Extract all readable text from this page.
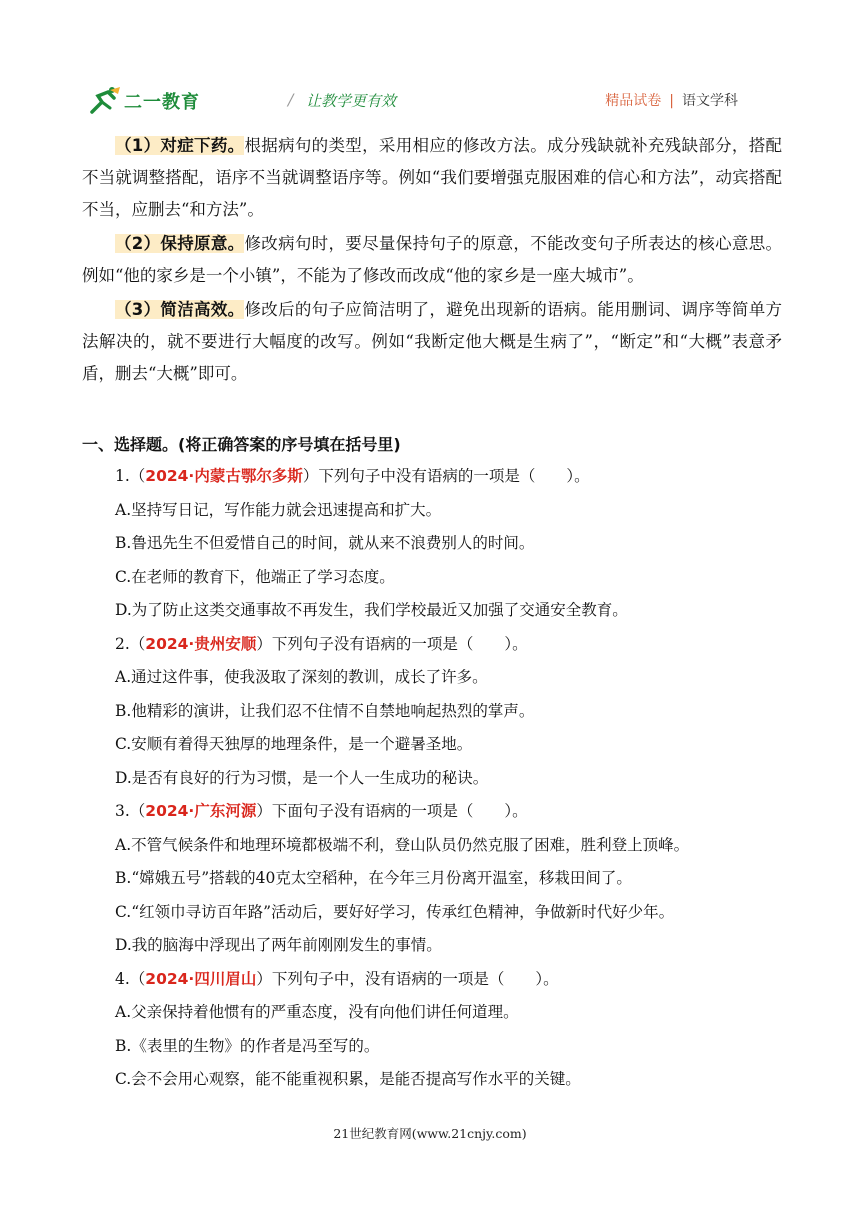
二一教育	/ 让教学更有效	精品试卷 | 语文学科

（1）对症下药。根据病句的类型，采用相应的修改方法。成分残缺就补充残缺部分，搭配不当就调整搭配，语序不当就调整语序等。例如“我们要增强克服困难的信心和方法”，动宾搭配不当，应删去“和方法”。

（2）保持原意。修改病句时，要尽量保持句子的原意，不能改变句子所表达的核心意思。例如“他的家乡是一个小镇”，不能为了修改而改成“他的家乡是一座大城市”。

（3）简洁高效。修改后的句子应简洁明了，避免出现新的语病。能用删词、调序等简单方法解决的，就不要进行大幅度的改写。例如“我断定他大概是生病了”，“断定”和“大概”表意矛盾，删去“大概”即可。

一、选择题。(将正确答案的序号填在括号里)

1.（2024·内蒙古鄂尔多斯）下列句子中没有语病的一项是（　　）。

A.坚持写日记，写作能力就会迅速提高和扩大。

B.鲁迅先生不但爱惜自己的时间，就从来不浪费别人的时间。

C.在老师的教育下，他端正了学习态度。

D.为了防止这类交通事故不再发生，我们学校最近又加强了交通安全教育。

2.（2024·贵州安顺）下列句子没有语病的一项是（　　）。

A.通过这件事，使我汲取了深刻的教训，成长了许多。

B.他精彩的演讲，让我们忍不住情不自禁地响起热烈的掌声。

C.安顺有着得天独厚的地理条件，是一个避暑圣地。

D.是否有良好的行为习惯，是一个人一生成功的秘诀。

3.（2024·广东河源）下面句子没有语病的一项是（　　）。

A.不管气候条件和地理环境都极端不利，登山队员仍然克服了困难，胜利登上顶峰。

B.“嫦娥五号”搭载的40克太空稻种，在今年三月份离开温室，移栽田间了。

C.“红领巾寻访百年路”活动后，要好好学习，传承红色精神，争做新时代好少年。

D.我的脑海中浮现出了两年前刚刚发生的事情。

4.（2024·四川眉山）下列句子中，没有语病的一项是（　　）。

A.父亲保持着他惯有的严重态度，没有向他们讲任何道理。

B.《表里的生物》的作者是冯至写的。

C.会不会用心观察，能不能重视积累，是能否提高写作水平的关键。

21世纪教育网(www.21cnjy.com)
